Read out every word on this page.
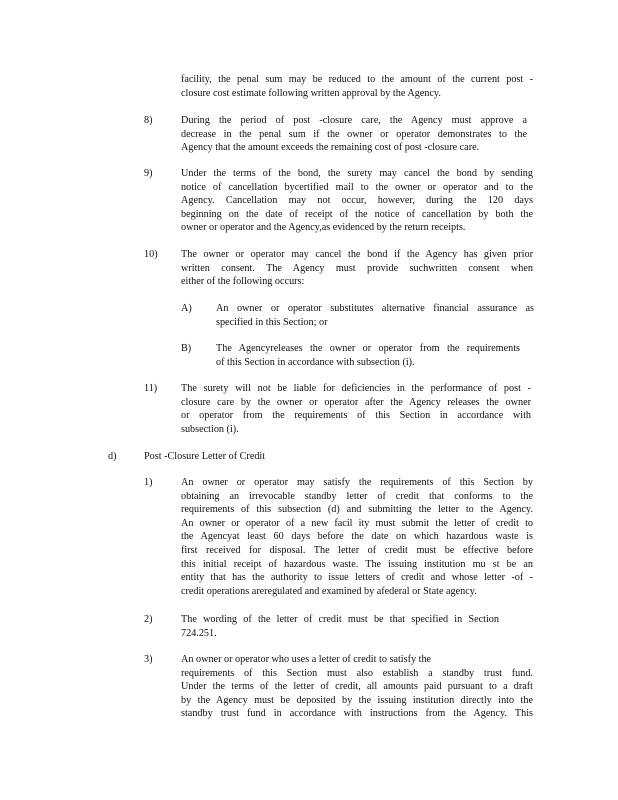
facility, the penal sum may be reduced to the amount of the current post -
closure cost estimate following written approval by the Agency.
8)	During the period of post -closure care, the Agency must approve a
decrease in the penal sum if the owner or operator demonstrates to the
Agency that the amount exceeds the remaining cost of post -closure care.
9)	Under the terms of the bond, the surety may cancel the bond by sending
notice of cancellation bycertified mail to the owner or operator and to the
Agency. Cancellation may not occur, however, during the 120 days
beginning on the date of receipt of the notice of cancellation by both the
owner or operator and the Agency,as evidenced by the return receipts.
10) The owner or operator may cancel the bond if the Agency has given prior
written consent. The Agency must provide suchwritten consent when
either of the following occurs:
A) An owner or operator substitutes alternative financial assurance as
specified in this Section; or
B) The Agencyreleases the owner or operator from the requirements
of this Section in accordance with subsection (i).
11) The surety will not be liable for deficiencies in the performance of post -
closure care by the owner or operator after the Agency releases the owner
or operator from the requirements of this Section in accordance with
subsection (i).
d)	Post -Closure Letter of Credit
1)	An owner or operator may satisfy the requirements of this Section by
obtaining an irrevocable standby letter of credit that conforms to the
requirements of this subsection (d) and submitting the letter to the Agency.
An owner or operator of a new facil ity must submit the letter of credit to
the Agencyat least 60 days before the date on which hazardous waste is
first received for disposal. The letter of credit must be effective before
this initial receipt of hazardous waste. The issuing institution mu st be an
entity that has the authority to issue letters of credit and whose letter -of -
credit operations areregulated and examined by afederal or State agency.
2)	The wording of the letter of credit must be that specified in Section
724.251.
3)	An owner or operator who uses a letter of credit to satisfy the
requirements of this Section must also establish a standby trust fund.
Under the terms of the letter of credit, all amounts paid pursuant to a draft
by the Agency must be deposited by the issuing institution directly into the
standby trust fund in accordance with instructions from the Agency. This
